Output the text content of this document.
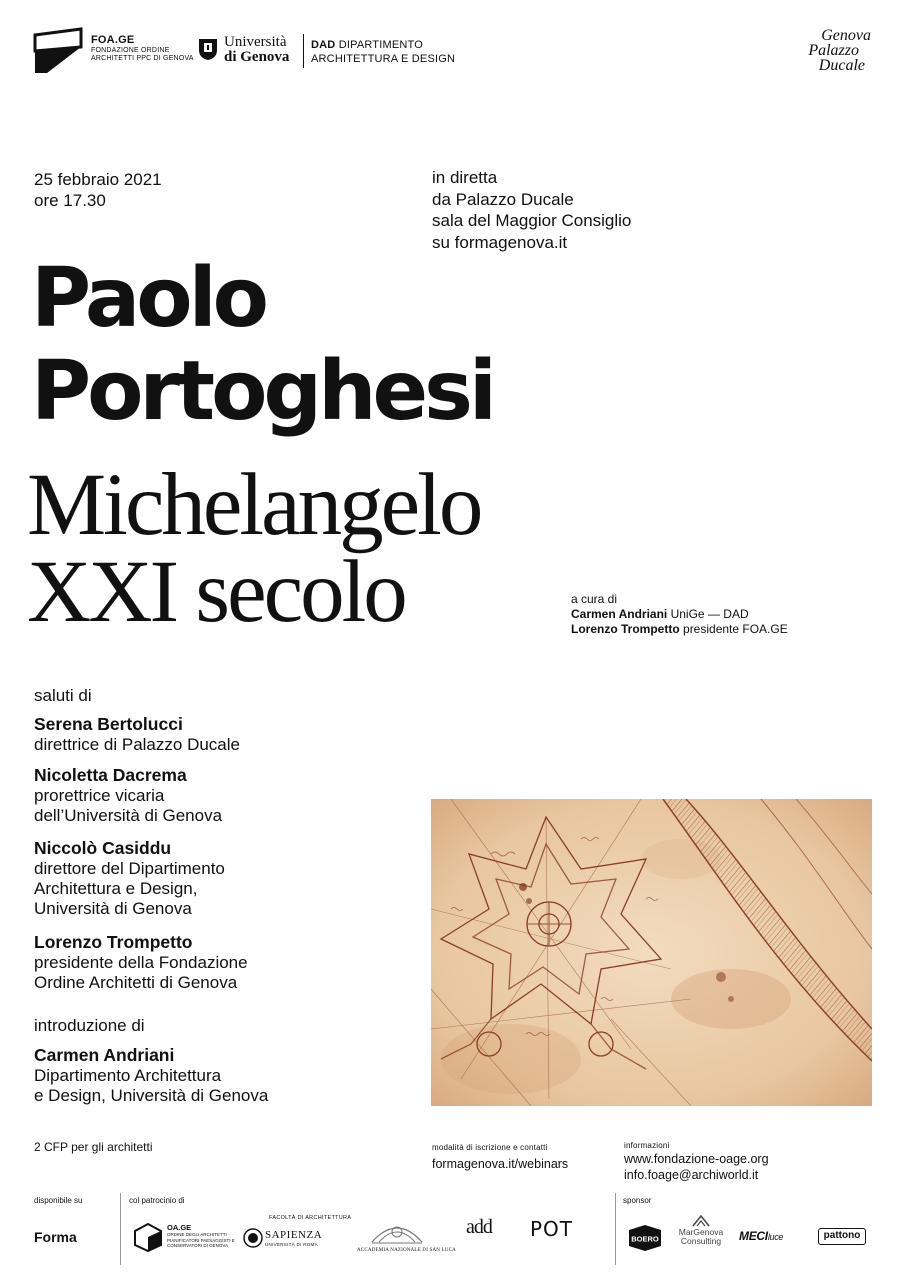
FOA.GE
FONDAZIONE ORDINE ARCHITETTI PPC DI GENOVA
Università
di Genova
DAD DIPARTIMENTO
ARCHITETTURA E DESIGN
Genova
Palazzo
Ducale
25 febbraio 2021
ore 17.30
in diretta
da Palazzo Ducale
sala del Maggior Consiglio
su formagenova.it
Paolo
Portoghesi
Michelangelo
XXI secolo	a cura di
Carmen Andriani UniGe — DAD
Lorenzo Trompetto presidente FOA.GE
saluti di
Serena Bertolucci
direttrice di Palazzo Ducale
Nicoletta Dacrema
prorettrice vicaria
dell’Università di Genova
Niccolò Casiddu
direttore del Dipartimento
Architettura e Design,
Università di Genova
Lorenzo Trompetto
presidente della Fondazione
Ordine Architetti di Genova
introduzione di
Carmen Andriani
Dipartimento Architettura
e Design, Università di Genova
2 CFP per gli architetti	modalità di iscrizione e contatti
formagenova.it/webinars
informazioni
www.fondazione-oage.org
info.foage@archiworld.it
disponibile su
Forma
col patrocinio di
OA.GE
ORDINE DEGLI ARCHITETTI PIANIFICATORI PAESAGGISTI E CONSERVATORI DI GENOVA
FACOLTÀ DI ARCHITETTURA
SAPIENZA
UNIVERSITÀ DI ROMA
ACCADEMIA NAZIONALE DI SAN LUCA
add	POT
sponsor
BOERO
MarGenova
Consulting	MECIluce	pattono
